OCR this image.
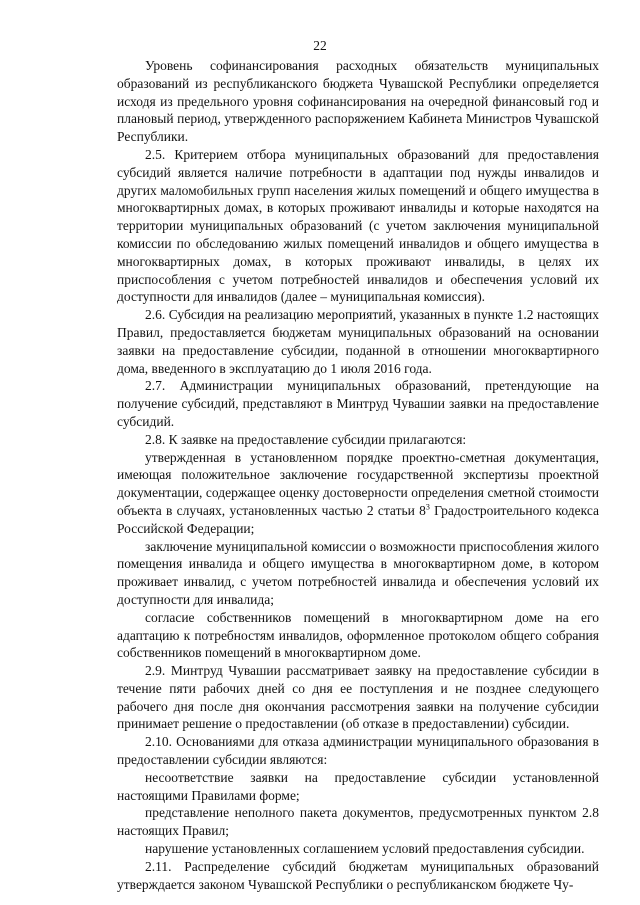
22

Уровень софинансирования расходных обязательств муниципальных образований из республиканского бюджета Чувашской Республики определяется исходя из предельного уровня софинансирования на очередной финансовый год и плановый период, утвержденного распоряжением Кабинета Министров Чувашской Республики.

2.5. Критерием отбора муниципальных образований для предоставления субсидий является наличие потребности в адаптации под нужды инвалидов и других маломобильных групп населения жилых помещений и общего имущества в многоквартирных домах, в которых проживают инвалиды и которые находятся на территории муниципальных образований (с учетом заключения муниципальной комиссии по обследованию жилых помещений инвалидов и общего имущества в многоквартирных домах, в которых проживают инвалиды, в целях их приспособления с учетом потребностей инвалидов и обеспечения условий их доступности для инвалидов (далее – муниципальная комиссия).

2.6. Субсидия на реализацию мероприятий, указанных в пункте 1.2 настоящих Правил, предоставляется бюджетам муниципальных образований на основании заявки на предоставление субсидии, поданной в отношении многоквартирного дома, введенного в эксплуатацию до 1 июля 2016 года.

2.7. Администрации муниципальных образований, претендующие на получение субсидий, представляют в Минтруд Чувашии заявки на предоставление субсидий.

2.8. К заявке на предоставление субсидии прилагаются:

утвержденная в установленном порядке проектно-сметная документация, имеющая положительное заключение государственной экспертизы проектной документации, содержащее оценку достоверности определения сметной стоимости объекта в случаях, установленных частью 2 статьи $8^3$ Градостроительного кодекса Российской Федерации;

заключение муниципальной комиссии о возможности приспособления жилого помещения инвалида и общего имущества в многоквартирном доме, в котором проживает инвалид, с учетом потребностей инвалида и обеспечения условий их доступности для инвалида;

согласие собственников помещений в многоквартирном доме на его адаптацию к потребностям инвалидов, оформленное протоколом общего собрания собственников помещений в многоквартирном доме.

2.9. Минтруд Чувашии рассматривает заявку на предоставление субсидии в течение пяти рабочих дней со дня ее поступления и не позднее следующего рабочего дня после дня окончания рассмотрения заявки на получение субсидии принимает решение о предоставлении (об отказе в предоставлении) субсидии.

2.10. Основаниями для отказа администрации муниципального образования в предоставлении субсидии являются:

несоответствие заявки на предоставление субсидии установленной настоящими Правилами форме;

представление неполного пакета документов, предусмотренных пунктом 2.8 настоящих Правил;

нарушение установленных соглашением условий предоставления субсидии.

2.11. Распределение субсидий бюджетам муниципальных образований утверждается законом Чувашской Республики о республиканском бюджете Чу-
